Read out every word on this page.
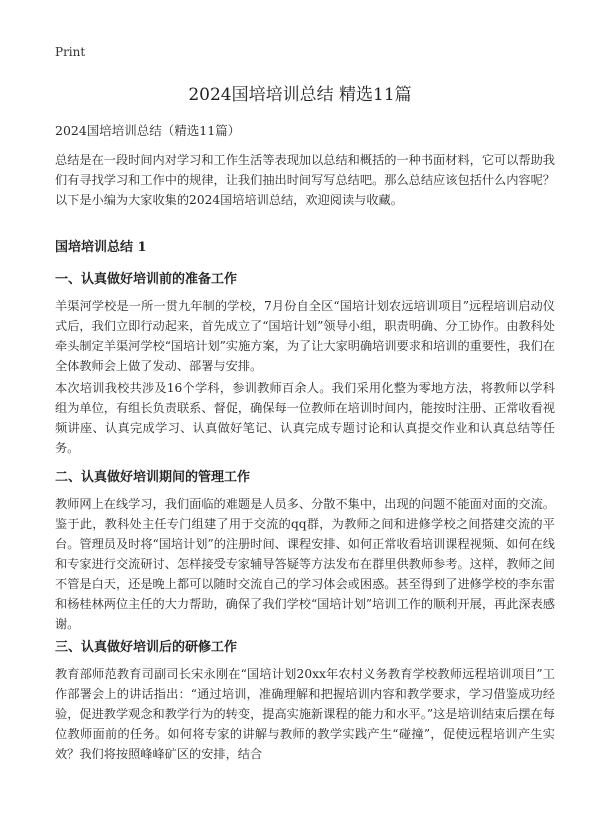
Print
2024国培培训总结 精选11篇
2024国培培训总结（精选11篇）
总结是在一段时间内对学习和工作生活等表现加以总结和概括的一种书面材料，它可以帮助我们有寻找学习和工作中的规律，让我们抽出时间写写总结吧。那么总结应该包括什么内容呢？以下是小编为大家收集的2024国培培训总结，欢迎阅读与收藏。
国培培训总结 1
一、认真做好培训前的准备工作
羊渠河学校是一所一贯九年制的学校，7月份自全区“国培计划农远培训项目”远程培训启动仪式后，我们立即行动起来，首先成立了“国培计划”领导小组，职责明确、分工协作。由教科处牵头制定羊渠河学校“国培计划”实施方案，为了让大家明确培训要求和培训的重要性，我们在全体教师会上做了发动、部署与安排。
本次培训我校共涉及16个学科，参训教师百余人。我们采用化整为零地方法，将教师以学科组为单位，有组长负责联系、督促，确保每一位教师在培训时间内，能按时注册、正常收看视频讲座、认真完成学习、认真做好笔记、认真完成专题讨论和认真提交作业和认真总结等任务。
二、认真做好培训期间的管理工作
教师网上在线学习，我们面临的难题是人员多、分散不集中，出现的问题不能面对面的交流。鉴于此，教科处主任专门组建了用于交流的qq群，为教师之间和进修学校之间搭建交流的平台。管理员及时将“国培计划”的注册时间、课程安排、如何正常收看培训课程视频、如何在线和专家进行交流研讨、怎样接受专家辅导答疑等方法发布在群里供教师参考。这样，教师之间不管是白天，还是晚上都可以随时交流自己的学习体会或困惑。甚至得到了进修学校的李东雷和杨桂林两位主任的大力帮助，确保了我们学校“国培计划”培训工作的顺利开展，再此深表感谢。
三、认真做好培训后的研修工作
教育部师范教育司副司长宋永刚在“国培计划20xx年农村义务教育学校教师远程培训项目”工作部署会上的讲话指出：“通过培训，准确理解和把握培训内容和教学要求，学习借鉴成功经验，促进教学观念和教学行为的转变，提高实施新课程的能力和水平。”这是培训结束后摆在每位教师面前的任务。如何将专家的讲解与教师的教学实践产生“碰撞”，促使远程培训产生实效？我们将按照峰峰矿区的安排，结合
